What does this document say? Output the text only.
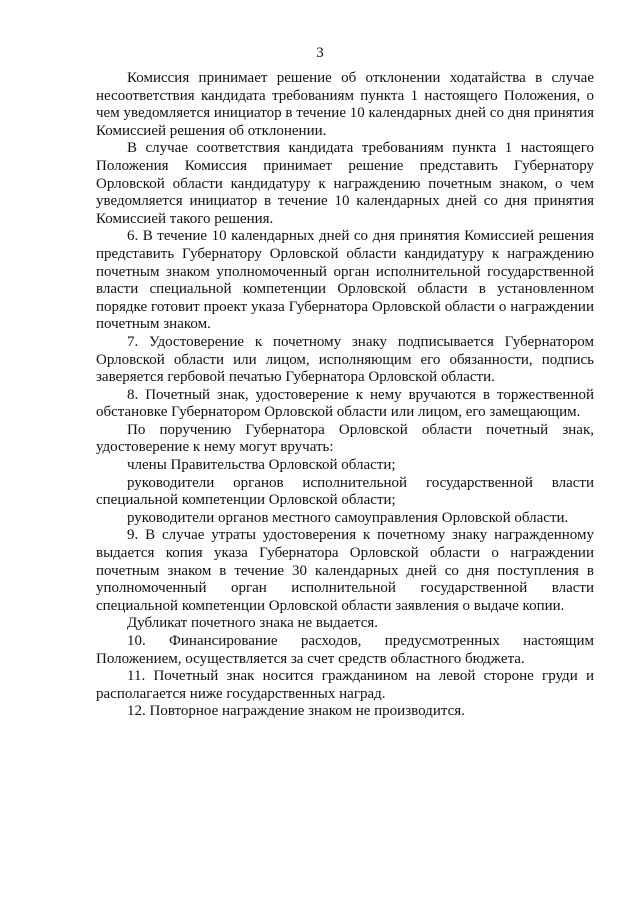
3

Комиссия принимает решение об отклонении ходатайства в случае несоответствия кандидата требованиям пункта 1 настоящего Положения, о чем уведомляется инициатор в течение 10 календарных дней со дня принятия Комиссией решения об отклонении.

В случае соответствия кандидата требованиям пункта 1 настоящего Положения Комиссия принимает решение представить Губернатору Орловской области кандидатуру к награждению почетным знаком, о чем уведомляется инициатор в течение 10 календарных дней со дня принятия Комиссией такого решения.

6. В течение 10 календарных дней со дня принятия Комиссией решения представить Губернатору Орловской области кандидатуру к награждению почетным знаком уполномоченный орган исполнительной государственной власти специальной компетенции Орловской области в установленном порядке готовит проект указа Губернатора Орловской области о награждении почетным знаком.

7. Удостоверение к почетному знаку подписывается Губернатором Орловской области или лицом, исполняющим его обязанности, подпись заверяется гербовой печатью Губернатора Орловской области.

8. Почетный знак, удостоверение к нему вручаются в торжественной обстановке Губернатором Орловской области или лицом, его замещающим.

По поручению Губернатора Орловской области почетный знак, удостоверение к нему могут вручать:

члены Правительства Орловской области;

руководители органов исполнительной государственной власти специальной компетенции Орловской области;

руководители органов местного самоуправления Орловской области.

9. В случае утраты удостоверения к почетному знаку награжденному выдается копия указа Губернатора Орловской области о награждении почетным знаком в течение 30 календарных дней со дня поступления в уполномоченный орган исполнительной государственной власти специальной компетенции Орловской области заявления о выдаче копии.

Дубликат почетного знака не выдается.

10. Финансирование расходов, предусмотренных настоящим Положением, осуществляется за счет средств областного бюджета.

11. Почетный знак носится гражданином на левой стороне груди и располагается ниже государственных наград.

12. Повторное награждение знаком не производится.
